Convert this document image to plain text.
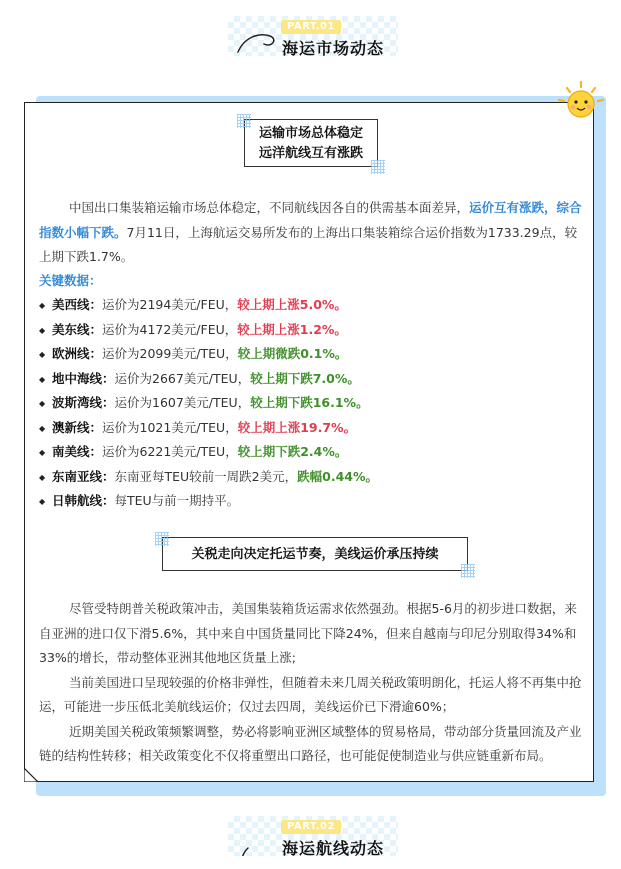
PART.01
海运市场动态
运输市场总体稳定
远洋航线互有涨跌
中国出口集装箱运输市场总体稳定，不同航线因各自的供需基本面差异，运价互有涨跌，综合指数小幅下跌。7月11日，上海航运交易所发布的上海出口集装箱综合运价指数为1733.29点，较上期下跌1.7%。
关键数据：
◆ 美西线：运价为2194美元/FEU，较上期上涨5.0%。
◆ 美东线：运价为4172美元/FEU，较上期上涨1.2%。
◆ 欧洲线：运价为2099美元/TEU，较上期微跌0.1%。
◆ 地中海线：运价为2667美元/TEU，较上期下跌7.0%。
◆ 波斯湾线：运价为1607美元/TEU，较上期下跌16.1%。
◆ 澳新线：运价为1021美元/TEU，较上期上涨19.7%。
◆ 南美线：运价为6221美元/TEU，较上期下跌2.4%。
◆ 东南亚线：东南亚每TEU较前一周跌2美元，跌幅0.44%。
◆ 日韩航线：每TEU与前一期持平。
关税走向决定托运节奏，美线运价承压持续

尽管受特朗普关税政策冲击，美国集装箱货运需求依然强劲。根据5-6月的初步进口数据，来自亚洲的进口仅下滑5.6%，其中来自中国货量同比下降24%，但来自越南与印尼分别取得34%和33%的增长，带动整体亚洲其他地区货量上涨;

当前美国进口呈现较强的价格非弹性，但随着未来几周关税政策明朗化，托运人将不再集中抢运，可能进一步压低北美航线运价；仅过去四周，美线运价已下滑逾60%；

近期美国关税政策频繁调整，势必将影响亚洲区域整体的贸易格局，带动部分货量回流及产业链的结构性转移；相关政策变化不仅将重塑出口路径，也可能促使制造业与供应链重新布局。

PART.02
海运航线动态
